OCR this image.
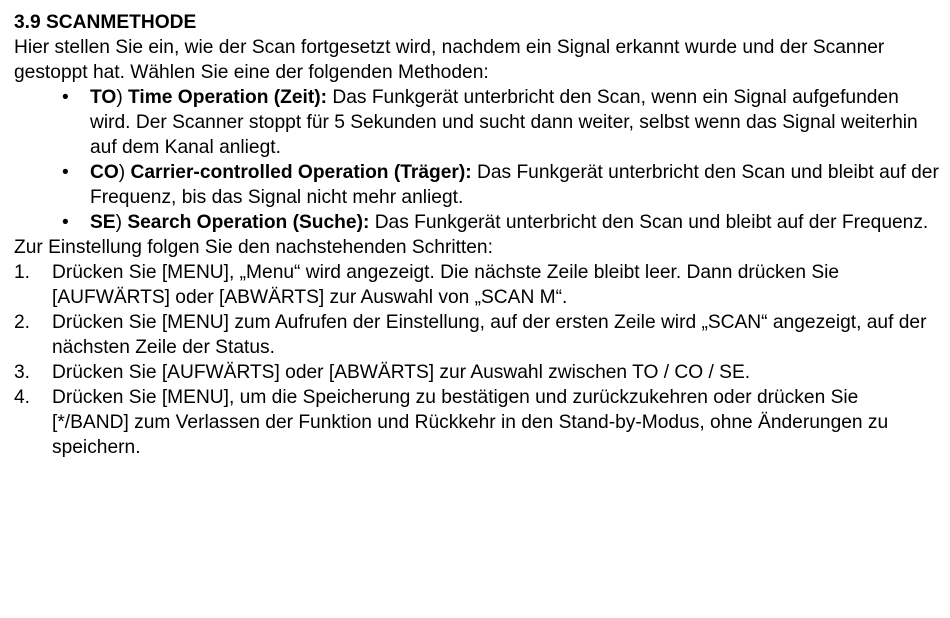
3.9 SCANMETHODE

Hier stellen Sie ein, wie der Scan fortgesetzt wird, nachdem ein Signal erkannt wurde und der Scanner gestoppt hat. Wählen Sie eine der folgenden Methoden:

• TO) Time Operation (Zeit): Das Funkgerät unterbricht den Scan, wenn ein Signal aufgefunden wird. Der Scanner stoppt für 5 Sekunden und sucht dann weiter, selbst wenn das Signal weiterhin auf dem Kanal anliegt.
• CO) Carrier-controlled Operation (Träger): Das Funkgerät unterbricht den Scan und bleibt auf der Frequenz, bis das Signal nicht mehr anliegt.
• SE) Search Operation (Suche): Das Funkgerät unterbricht den Scan und bleibt auf der Frequenz.

Zur Einstellung folgen Sie den nachstehenden Schritten:

1.	Drücken Sie [MENU], „Menu“ wird angezeigt. Die nächste Zeile bleibt leer. Dann drücken Sie [AUFWÄRTS] oder [ABWÄRTS] zur Auswahl von „SCAN M“.
2.	Drücken Sie [MENU] zum Aufrufen der Einstellung, auf der ersten Zeile wird „SCAN“ angezeigt, auf der nächsten Zeile der Status.
3.	Drücken Sie [AUFWÄRTS] oder [ABWÄRTS] zur Auswahl zwischen TO / CO / SE.
4.	Drücken Sie [MENU], um die Speicherung zu bestätigen und zurückzukehren oder drücken Sie [*/BAND] zum Verlassen der Funktion und Rückkehr in den Stand-by-Modus, ohne Änderungen zu speichern.
